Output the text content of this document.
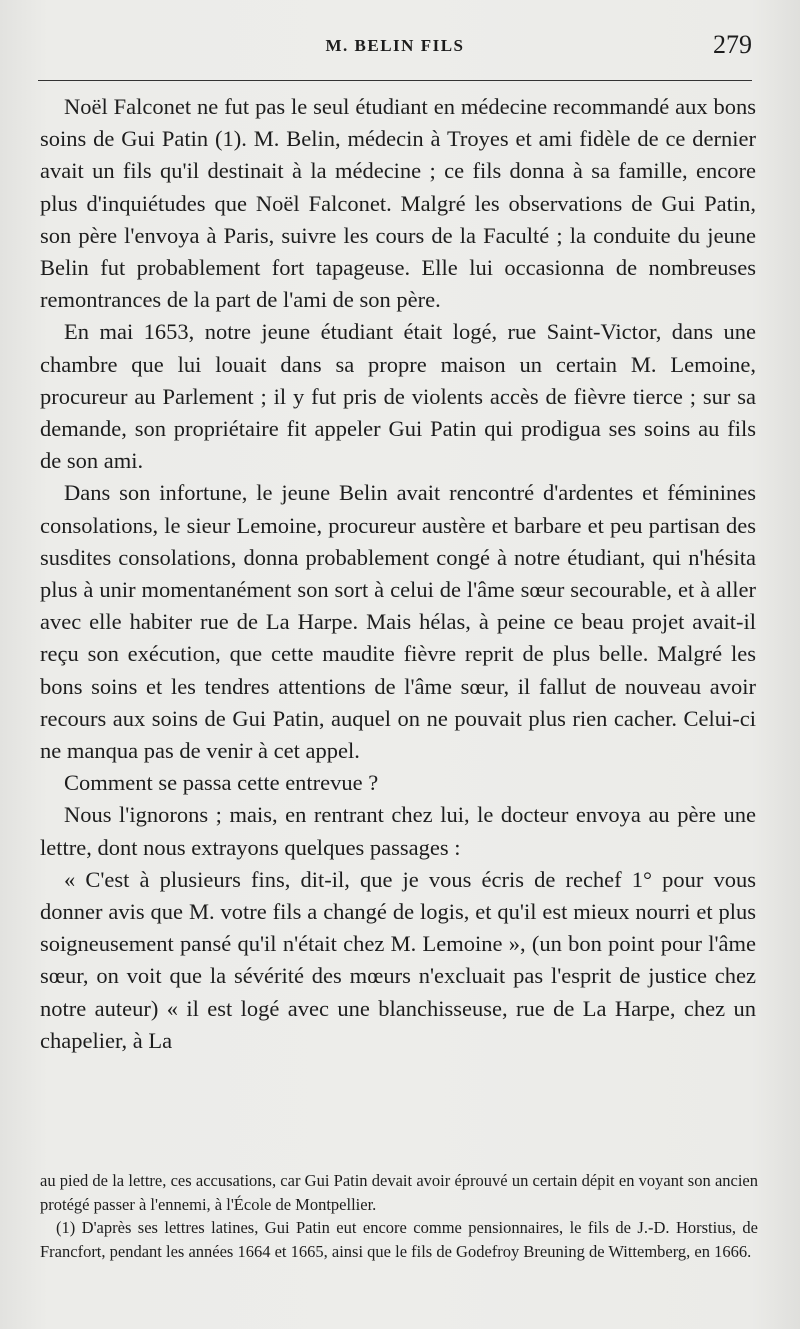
M. BELIN FILS	279

Noël Falconet ne fut pas le seul étudiant en médecine recommandé aux bons soins de Gui Patin (1). M. Belin, médecin à Troyes et ami fidèle de ce dernier avait un fils qu'il destinait à la médecine ; ce fils donna à sa famille, encore plus d'inquiétudes que Noël Falconet. Malgré les observations de Gui Patin, son père l'envoya à Paris, suivre les cours de la Faculté ; la conduite du jeune Belin fut probablement fort tapageuse. Elle lui occasionna de nombreuses remontrances de la part de l'ami de son père.

En mai 1653, notre jeune étudiant était logé, rue Saint-Victor, dans une chambre que lui louait dans sa propre maison un certain M. Lemoine, procureur au Parlement ; il y fut pris de violents accès de fièvre tierce ; sur sa demande, son propriétaire fit appeler Gui Patin qui prodigua ses soins au fils de son ami.

Dans son infortune, le jeune Belin avait rencontré d'ardentes et féminines consolations, le sieur Lemoine, procureur austère et barbare et peu partisan des susdites consolations, donna probablement congé à notre étudiant, qui n'hésita plus à unir momentanément son sort à celui de l'âme sœur secourable, et à aller avec elle habiter rue de La Harpe. Mais hélas, à peine ce beau projet avait-il reçu son exécution, que cette maudite fièvre reprit de plus belle. Malgré les bons soins et les tendres attentions de l'âme sœur, il fallut de nouveau avoir recours aux soins de Gui Patin, auquel on ne pouvait plus rien cacher. Celui-ci ne manqua pas de venir à cet appel.

Comment se passa cette entrevue ?

Nous l'ignorons ; mais, en rentrant chez lui, le docteur envoya au père une lettre, dont nous extrayons quelques passages :

« C'est à plusieurs fins, dit-il, que je vous écris de rechef 1° pour vous donner avis que M. votre fils a changé de logis, et qu'il est mieux nourri et plus soigneusement pansé qu'il n'était chez M. Lemoine », (un bon point pour l'âme sœur, on voit que la sévérité des mœurs n'excluait pas l'esprit de justice chez notre auteur) « il est logé avec une blanchisseuse, rue de La Harpe, chez un chapelier, à La

au pied de la lettre, ces accusations, car Gui Patin devait avoir éprouvé un certain dépit en voyant son ancien protégé passer à l'ennemi, à l'École de Montpellier.

(1) D'après ses lettres latines, Gui Patin eut encore comme pensionnaires, le fils de J.-D. Horstius, de Francfort, pendant les années 1664 et 1665, ainsi que le fils de Godefroy Breuning de Wittemberg, en 1666.
